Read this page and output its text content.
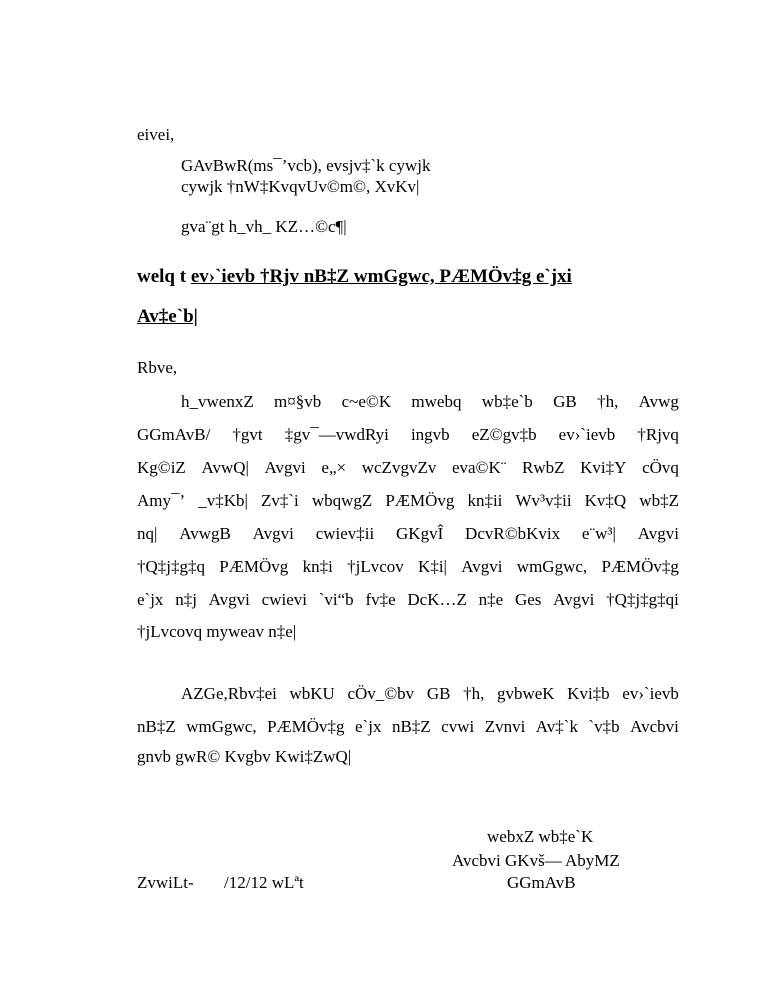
eivei,
GAvBwR(ms¯’vcb), evsjv‡`k cywjk
cywjk †nW‡KvqvUv©m©, XvKv|
gva¨gt h_vh_ KZ…©c¶|
welq t ev›`ievb †Rjv nB‡Z wmGgwc, PÆMÖv‡g e`jxi
Av‡e`b|
Rbve,
h_vwenxZ m¤§vb c~e©K mwebq wb‡e`b GB †h, Avwg
GGmAvB/ †gvt ‡gv¯—vwdRyi ingvb eZ©gv‡b ev›`ievb †Rjvq
Kg©iZ AvwQ| Avgvi e„× wcZvgvZv eva©K¨ RwbZ Kvi‡Y cÖvq
Amy¯’ _v‡Kb| Zv‡`i wbqwgZ PÆMÖvg kn‡ii Wv³v‡ii Kv‡Q wb‡Z
nq| AvwgB Avgvi cwiev‡ii GKgvÎ DcvR©bKvix e¨w³| Avgvi
†Q‡j‡g‡q PÆMÖvg kn‡i †jLvcov K‡i| Avgvi wmGgwc, PÆMÖv‡g
e`jx n‡j Avgvi cwievi `vi“b fv‡e DcK…Z n‡e Ges Avgvi †Q‡j‡g‡qi
†jLvcovq myweav n‡e|
AZGe,Rbv‡ei wbKU cÖv_©bv GB †h, gvbweK Kvi‡b ev›`ievb
nB‡Z wmGgwc, PÆMÖv‡g e`jx nB‡Z cvwi Zvnvi Av‡`k `v‡b Avcbvi
gnvb gwR© Kvgbv Kwi‡ZwQ|
webxZ wb‡e`K
Avcbvi GKvš— AbyMZ
GGmAvB
ZvwiLt- /12/12 wLªt
